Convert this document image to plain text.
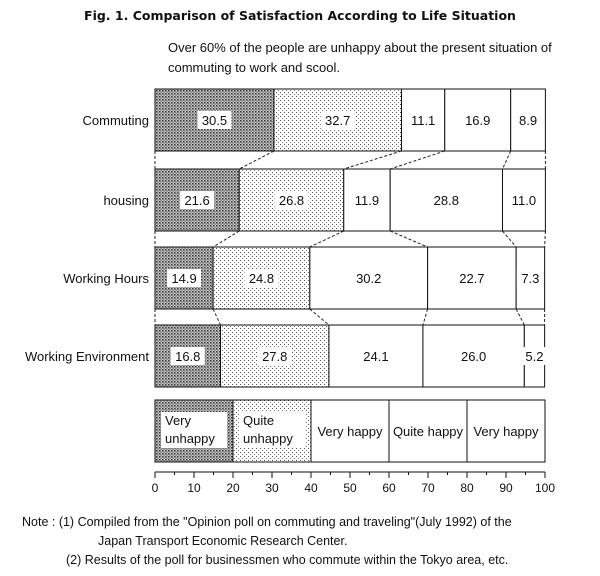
Fig. 1. Comparison of Satisfaction According to Life Situation
Over 60% of the people are unhappy about the present situation of commuting to work and scool.
Commuting	30.5	32.7	11.1 16.9 8.9
housing	21.6	26.8	11.9	28.8	11.0
Working Hours 14.9	24.8	30.2	22.7	7.3
Working Environment 16.8	27.8	24.1	26.0	5.2
Very
unhappy
Quite
unhappy Very happy Quite happy Very happy
0 10 20 30 40 50 60 70 80 90 100
Note : (1) Compiled from the "Opinion poll on commuting and traveling"(July 1992) of the
Japan Transport Economic Research Center.
(2) Results of the poll for businessmen who commute within the Tokyo area, etc.
